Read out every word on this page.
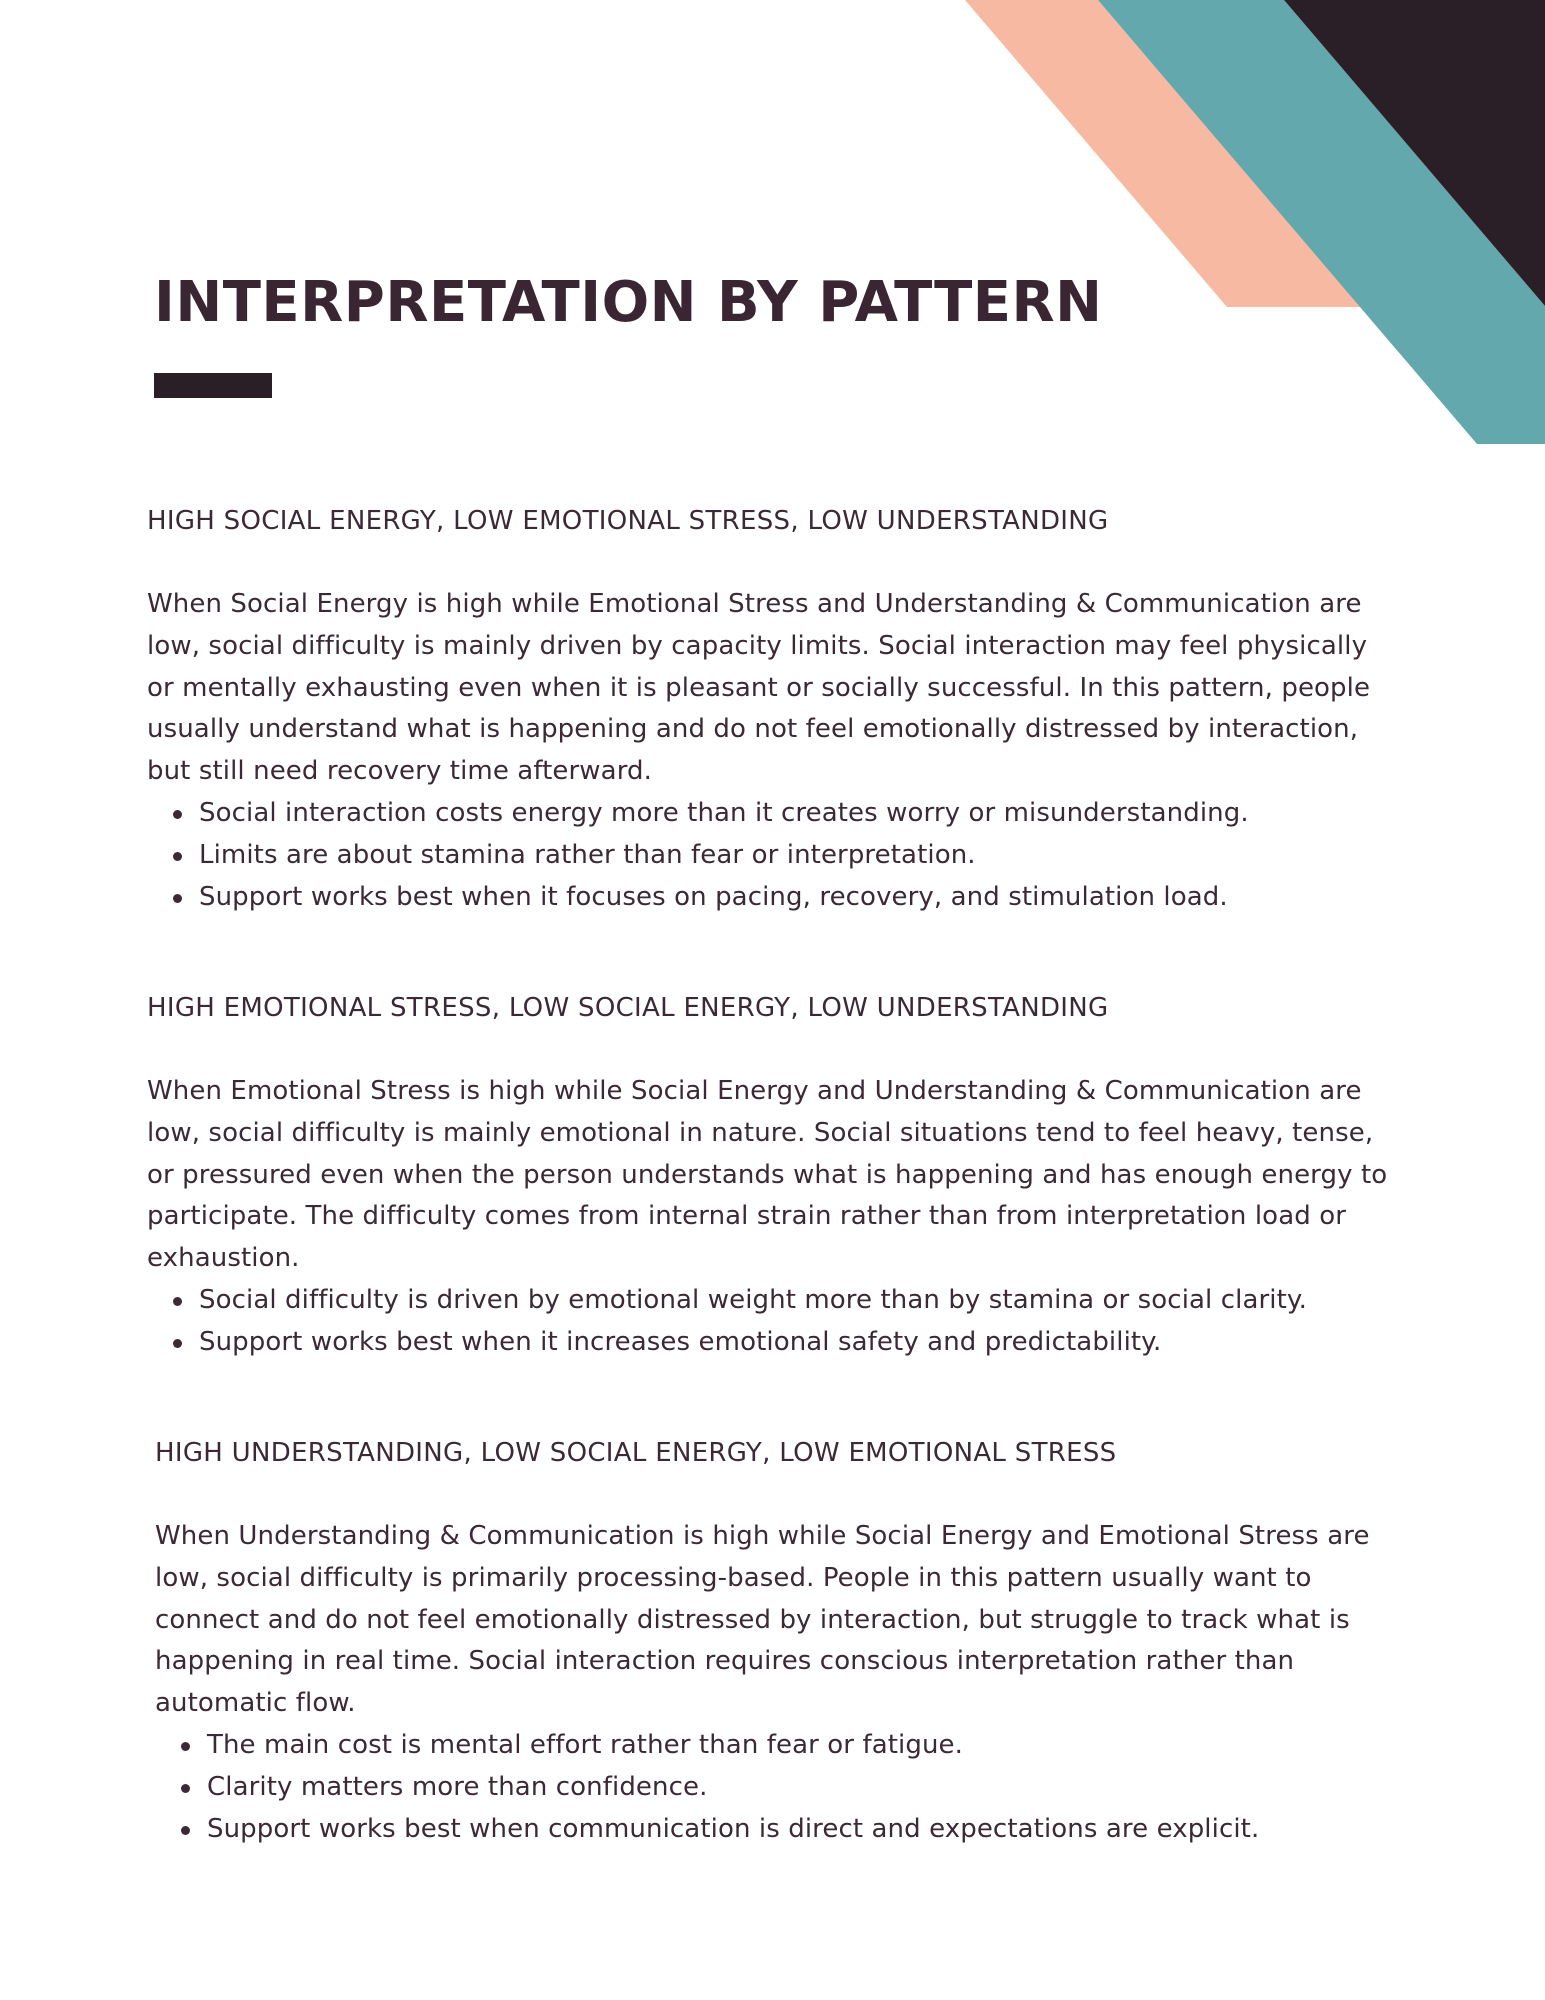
INTERPRETATION BY PATTERN
HIGH SOCIAL ENERGY, LOW EMOTIONAL STRESS, LOW UNDERSTANDING

When Social Energy is high while Emotional Stress and Understanding & Communication are low, social difficulty is mainly driven by capacity limits. Social interaction may feel physically or mentally exhausting even when it is pleasant or socially successful. In this pattern, people usually understand what is happening and do not feel emotionally distressed by interaction, but still need recovery time afterward.

Social interaction costs energy more than it creates worry or misunderstanding.
Limits are about stamina rather than fear or interpretation.
Support works best when it focuses on pacing, recovery, and stimulation load.
HIGH EMOTIONAL STRESS, LOW SOCIAL ENERGY, LOW UNDERSTANDING

When Emotional Stress is high while Social Energy and Understanding & Communication are low, social difficulty is mainly emotional in nature. Social situations tend to feel heavy, tense, or pressured even when the person understands what is happening and has enough energy to participate. The difficulty comes from internal strain rather than from interpretation load or exhaustion.

Social difficulty is driven by emotional weight more than by stamina or social clarity.
Support works best when it increases emotional safety and predictability.
HIGH UNDERSTANDING, LOW SOCIAL ENERGY, LOW EMOTIONAL STRESS

When Understanding & Communication is high while Social Energy and Emotional Stress are low, social difficulty is primarily processing-based. People in this pattern usually want to connect and do not feel emotionally distressed by interaction, but struggle to track what is happening in real time. Social interaction requires conscious interpretation rather than automatic flow.

The main cost is mental effort rather than fear or fatigue.
Clarity matters more than confidence.
Support works best when communication is direct and expectations are explicit.
